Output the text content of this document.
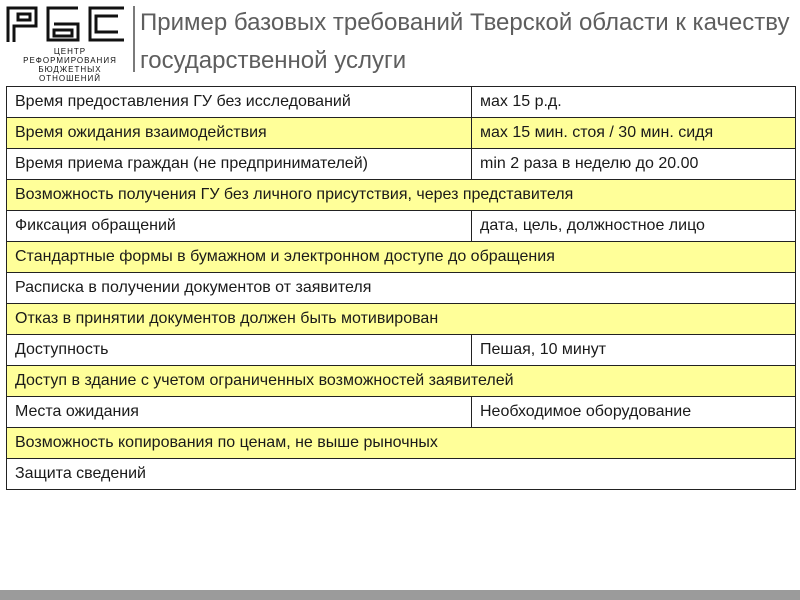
ЦЕНТР РЕФОРМИРОВАНИЯ БЮДЖЕТНЫХ ОТНОШЕНИЙ
Пример базовых требований Тверской области к качеству государственной услуги
Время предоставления ГУ без исследований	мах 15 р.д.
Время ожидания взаимодействия	мах 15 мин. стоя / 30 мин. сидя
Время приема граждан (не предпринимателей)	min 2 раза в неделю до 20.00
Возможность получения ГУ без личного присутствия, через представителя	
Фиксация обращений	дата, цель, должностное лицо
Стандартные формы в бумажном и электронном доступе до обращения	
Расписка в получении документов от заявителя	
Отказ в принятии документов должен быть мотивирован	
Доступность	Пешая, 10 минут
Доступ в здание с учетом ограниченных возможностей заявителей	
Места ожидания	Необходимое оборудование
Возможность копирования по ценам, не выше рыночных	
Защита сведений	
